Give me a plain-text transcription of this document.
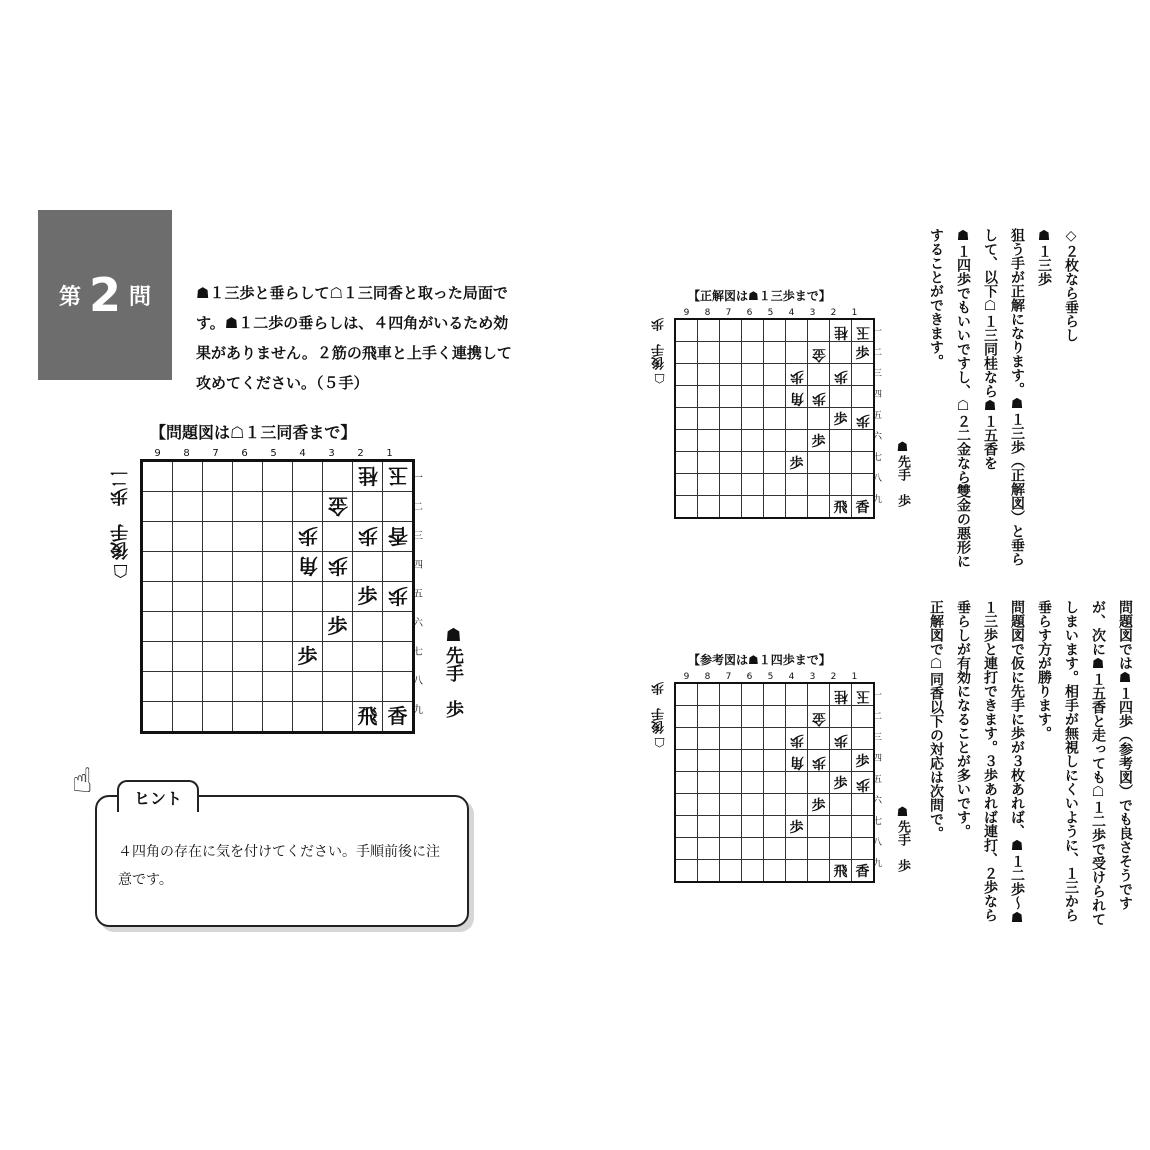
第 2 問	☗１三歩と垂らして☖１三同香と取った局面です。☗１二歩の垂らしは、４四角がいるため効果がありません。２筋の飛車と上手く連携して攻めてください。（５手）
【問題図は☖１三同香まで】
9	8	7	6	5	4	3	2	1
							桂	玉
						金		
					歩		歩	香
					角	歩		
							歩	歩
						歩		
					歩			

							飛	香
一
二
三
四
五
六
七
八
九
☖後手　歩二
☗先手　歩
☝	ヒント
４四角の存在に気を付けてください。手順前後に注意です。
【正解図は☗１三歩まで】
9	8	7	6	5	4	3	2	1
							桂	玉
						金		歩
					歩		歩	
					角	歩		
							歩	歩
						歩		
					歩			

							飛	香
一
二
三
四
五
六
七
八
九
☖後手　歩
☗先手　歩
【参考図は☗１四歩まで】
9	8	7	6	5	4	3	2	1
							桂	玉
						金		
					歩		歩	
					角	歩		歩
							歩	歩
						歩		
					歩			

							飛	香
一
二
三
四
五
六
七
八
九
☖後手　歩
☗先手　歩

◇２枚なら垂らし

☗１三歩

狙う手が正解になります。☗１三歩（正解図）と垂らして、以下☖１三同桂なら☗１五香を

☗１四歩でもいいですし、☖２二金なら雙金の悪形にすることができます。

問題図では☗１四歩（参考図）でも良さそうですが、次に☗１五香と走っても☖１二歩で受けられてしまいます。相手が無視しにくいように、１三から垂らす方が勝ります。

問題図で仮に先手に歩が３枚あれば、☗１二歩〜☗１三歩と連打できます。３歩あれば連打、２歩なら垂らしが有効になることが多いです。

正解図で☖同香以下の対応は次問で。
